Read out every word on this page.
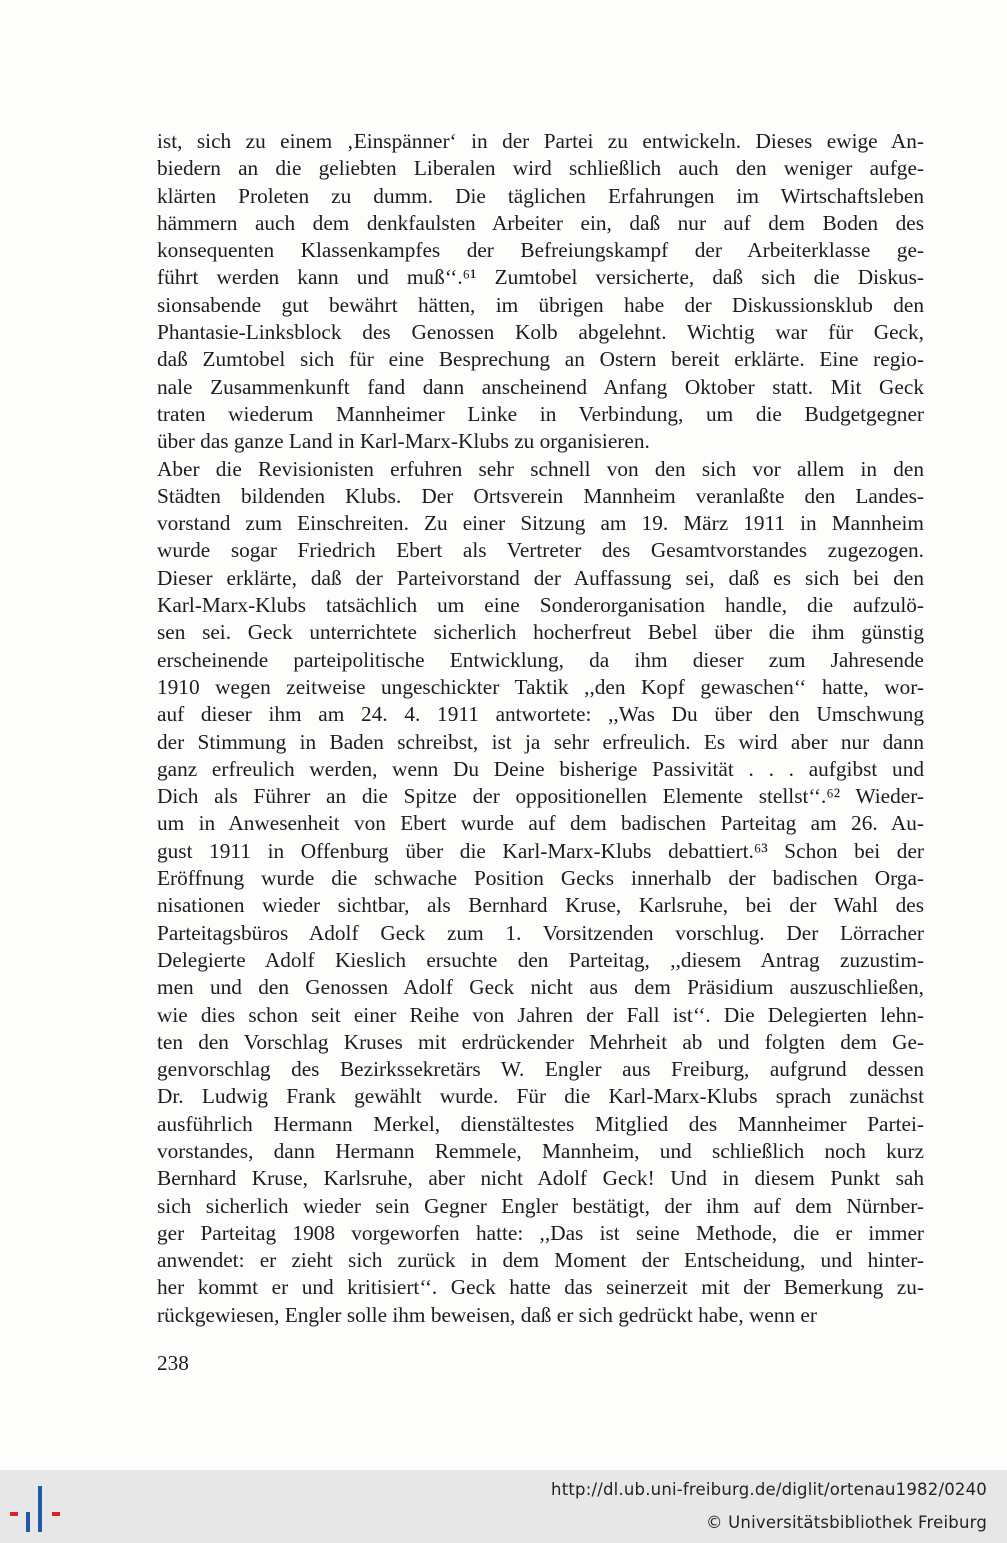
ist, sich zu einem ‚Einspänner‘ in der Partei zu entwickeln. Dieses ewige An-
biedern an die geliebten Liberalen wird schließlich auch den weniger aufge-
klärten Proleten zu dumm. Die täglichen Erfahrungen im Wirtschaftsleben
hämmern auch dem denkfaulsten Arbeiter ein, daß nur auf dem Boden des
konsequenten Klassenkampfes der Befreiungskampf der Arbeiterklasse ge-
führt werden kann und muß‘‘.⁶¹ Zumtobel versicherte, daß sich die Diskus-
sionsabende gut bewährt hätten, im übrigen habe der Diskussionsklub den
Phantasie-Linksblock des Genossen Kolb abgelehnt. Wichtig war für Geck,
daß Zumtobel sich für eine Besprechung an Ostern bereit erklärte. Eine regio-
nale Zusammenkunft fand dann anscheinend Anfang Oktober statt. Mit Geck
traten wiederum Mannheimer Linke in Verbindung, um die Budgetgegner
über das ganze Land in Karl-Marx-Klubs zu organisieren.
Aber die Revisionisten erfuhren sehr schnell von den sich vor allem in den
Städten bildenden Klubs. Der Ortsverein Mannheim veranlaßte den Landes-
vorstand zum Einschreiten. Zu einer Sitzung am 19. März 1911 in Mannheim
wurde sogar Friedrich Ebert als Vertreter des Gesamtvorstandes zugezogen.
Dieser erklärte, daß der Parteivorstand der Auffassung sei, daß es sich bei den
Karl-Marx-Klubs tatsächlich um eine Sonderorganisation handle, die aufzulö-
sen sei. Geck unterrichtete sicherlich hocherfreut Bebel über die ihm günstig
erscheinende parteipolitische Entwicklung, da ihm dieser zum Jahresende
1910 wegen zeitweise ungeschickter Taktik ,,den Kopf gewaschen‘‘ hatte, wor-
auf dieser ihm am 24. 4. 1911 antwortete: ,,Was Du über den Umschwung
der Stimmung in Baden schreibst, ist ja sehr erfreulich. Es wird aber nur dann
ganz erfreulich werden, wenn Du Deine bisherige Passivität . . . aufgibst und
Dich als Führer an die Spitze der oppositionellen Elemente stellst‘‘.⁶² Wieder-
um in Anwesenheit von Ebert wurde auf dem badischen Parteitag am 26. Au-
gust 1911 in Offenburg über die Karl-Marx-Klubs debattiert.⁶³ Schon bei der
Eröffnung wurde die schwache Position Gecks innerhalb der badischen Orga-
nisationen wieder sichtbar, als Bernhard Kruse, Karlsruhe, bei der Wahl des
Parteitagsbüros Adolf Geck zum 1. Vorsitzenden vorschlug. Der Lörracher
Delegierte Adolf Kieslich ersuchte den Parteitag, ,,diesem Antrag zuzustim-
men und den Genossen Adolf Geck nicht aus dem Präsidium auszuschließen,
wie dies schon seit einer Reihe von Jahren der Fall ist‘‘. Die Delegierten lehn-
ten den Vorschlag Kruses mit erdrückender Mehrheit ab und folgten dem Ge-
genvorschlag des Bezirkssekretärs W. Engler aus Freiburg, aufgrund dessen
Dr. Ludwig Frank gewählt wurde. Für die Karl-Marx-Klubs sprach zunächst
ausführlich Hermann Merkel, dienstältestes Mitglied des Mannheimer Partei-
vorstandes, dann Hermann Remmele, Mannheim, und schließlich noch kurz
Bernhard Kruse, Karlsruhe, aber nicht Adolf Geck! Und in diesem Punkt sah
sich sicherlich wieder sein Gegner Engler bestätigt, der ihm auf dem Nürnber-
ger Parteitag 1908 vorgeworfen hatte: ,,Das ist seine Methode, die er immer
anwendet: er zieht sich zurück in dem Moment der Entscheidung, und hinter-
her kommt er und kritisiert‘‘. Geck hatte das seinerzeit mit der Bemerkung zu-
rückgewiesen, Engler solle ihm beweisen, daß er sich gedrückt habe, wenn er
238
http://dl.ub.uni-freiburg.de/diglit/ortenau1982/0240
© Universitätsbibliothek Freiburg
